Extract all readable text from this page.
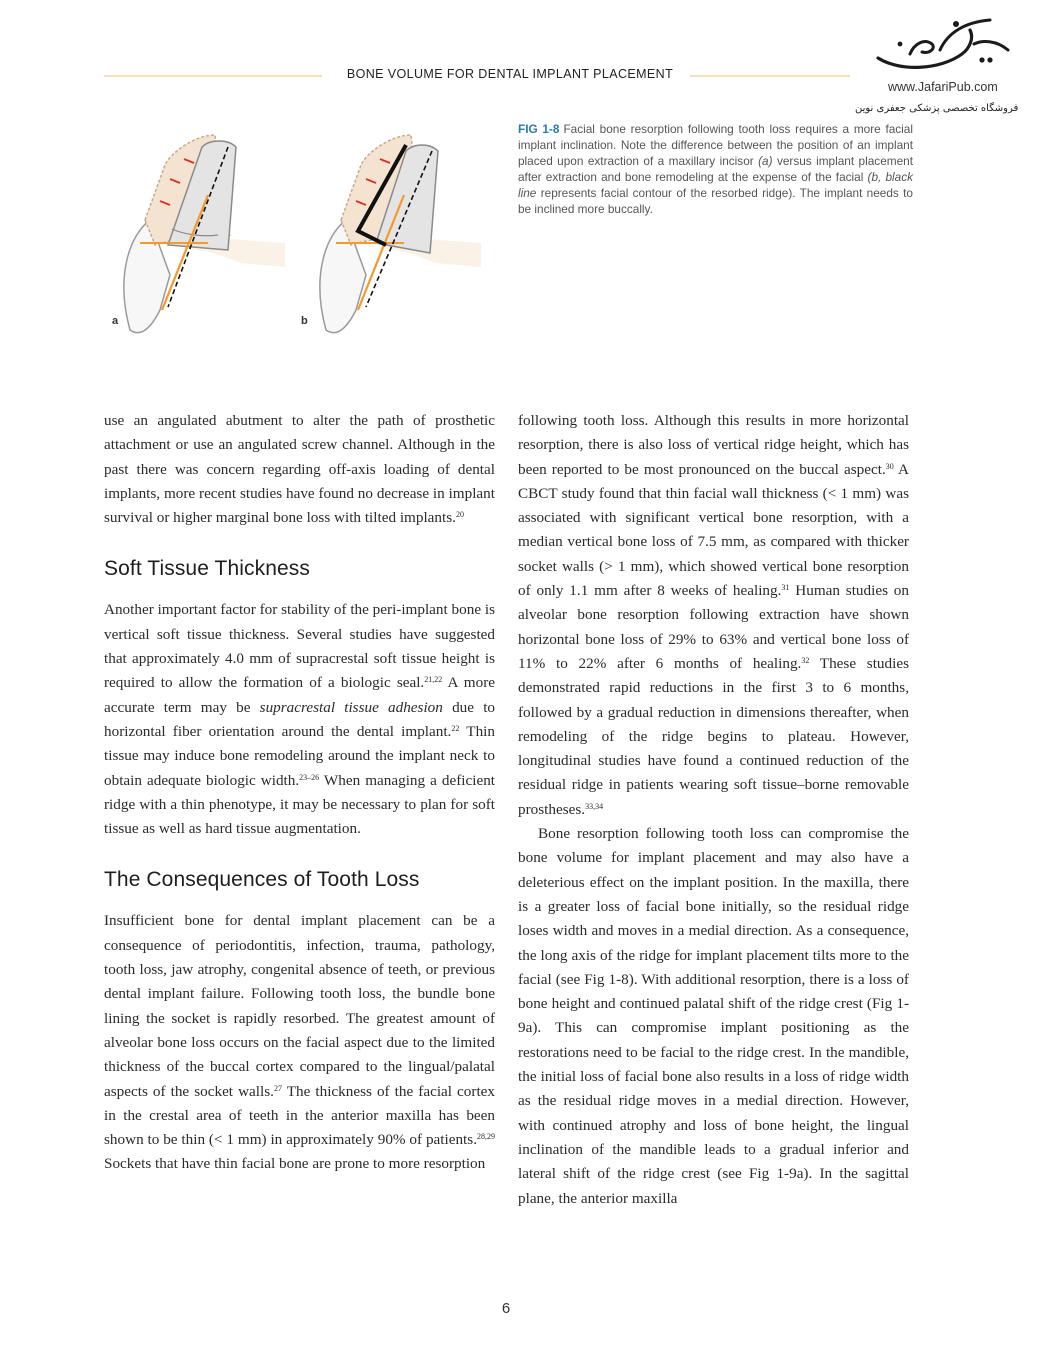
BONE VOLUME FOR DENTAL IMPLANT PLACEMENT
www.JafariPub.com
فروشگاه تخصصی پزشکی جعفری نوین
a	b
FIG 1-8 Facial bone resorption following tooth loss requires a more facial implant inclination. Note the difference between the position of an implant placed upon extraction of a maxillary incisor (a) versus implant placement after extraction and bone remodeling at the expense of the facial (b, black line represents facial contour of the resorbed ridge). The implant needs to be inclined more buccally.

use an angulated abutment to alter the path of prosthetic attachment or use an angulated screw channel. Although in the past there was concern regarding off-axis loading of dental implants, more recent studies have found no decrease in implant survival or higher marginal bone loss with tilted implants.$^{20}$

Soft Tissue Thickness

Another important factor for stability of the peri-implant bone is vertical soft tissue thickness. Several studies have suggested that approximately 4.0 mm of supracrestal soft tissue height is required to allow the formation of a biologic seal.$^{21,22}$ A more accurate term may be supracrestal tissue adhesion due to horizontal fiber orientation around the dental implant.$^{22}$ Thin tissue may induce bone remodeling around the implant neck to obtain adequate biologic width.$^{23-26}$ When managing a deficient ridge with a thin phenotype, it may be necessary to plan for soft tissue as well as hard tissue augmentation.

The Consequences of Tooth Loss

Insufficient bone for dental implant placement can be a consequence of periodontitis, infection, trauma, pathology, tooth loss, jaw atrophy, congenital absence of teeth, or previous dental implant failure. Following tooth loss, the bundle bone lining the socket is rapidly resorbed. The greatest amount of alveolar bone loss occurs on the facial aspect due to the limited thickness of the buccal cortex compared to the lingual/palatal aspects of the socket walls.$^{27}$ The thickness of the facial cortex in the crestal area of teeth in the anterior maxilla has been shown to be thin (< 1 mm) in approximately 90% of patients.$^{28,29}$ Sockets that have thin facial bone are prone to more resorption

following tooth loss. Although this results in more horizontal resorption, there is also loss of vertical ridge height, which has been reported to be most pronounced on the buccal aspect.$^{30}$ A CBCT study found that thin facial wall thickness (< 1 mm) was associated with significant vertical bone resorption, with a median vertical bone loss of 7.5 mm, as compared with thicker socket walls (> 1 mm), which showed vertical bone resorption of only 1.1 mm after 8 weeks of healing.$^{31}$ Human studies on alveolar bone resorption following extraction have shown horizontal bone loss of 29% to 63% and vertical bone loss of 11% to 22% after 6 months of healing.$^{32}$ These studies demonstrated rapid reductions in the first 3 to 6 months, followed by a gradual reduction in dimensions thereafter, when remodeling of the ridge begins to plateau. However, longitudinal studies have found a continued reduction of the residual ridge in patients wearing soft tissue–borne removable prostheses.$^{33,34}$

Bone resorption following tooth loss can compromise the bone volume for implant placement and may also have a deleterious effect on the implant position. In the maxilla, there is a greater loss of facial bone initially, so the residual ridge loses width and moves in a medial direction. As a consequence, the long axis of the ridge for implant placement tilts more to the facial (see Fig 1-8). With additional resorption, there is a loss of bone height and continued palatal shift of the ridge crest (Fig 1-9a). This can compromise implant positioning as the restorations need to be facial to the ridge crest. In the mandible, the initial loss of facial bone also results in a loss of ridge width as the residual ridge moves in a medial direction. However, with continued atrophy and loss of bone height, the lingual inclination of the mandible leads to a gradual inferior and lateral shift of the ridge crest (see Fig 1-9a). In the sagittal plane, the anterior maxilla

6
